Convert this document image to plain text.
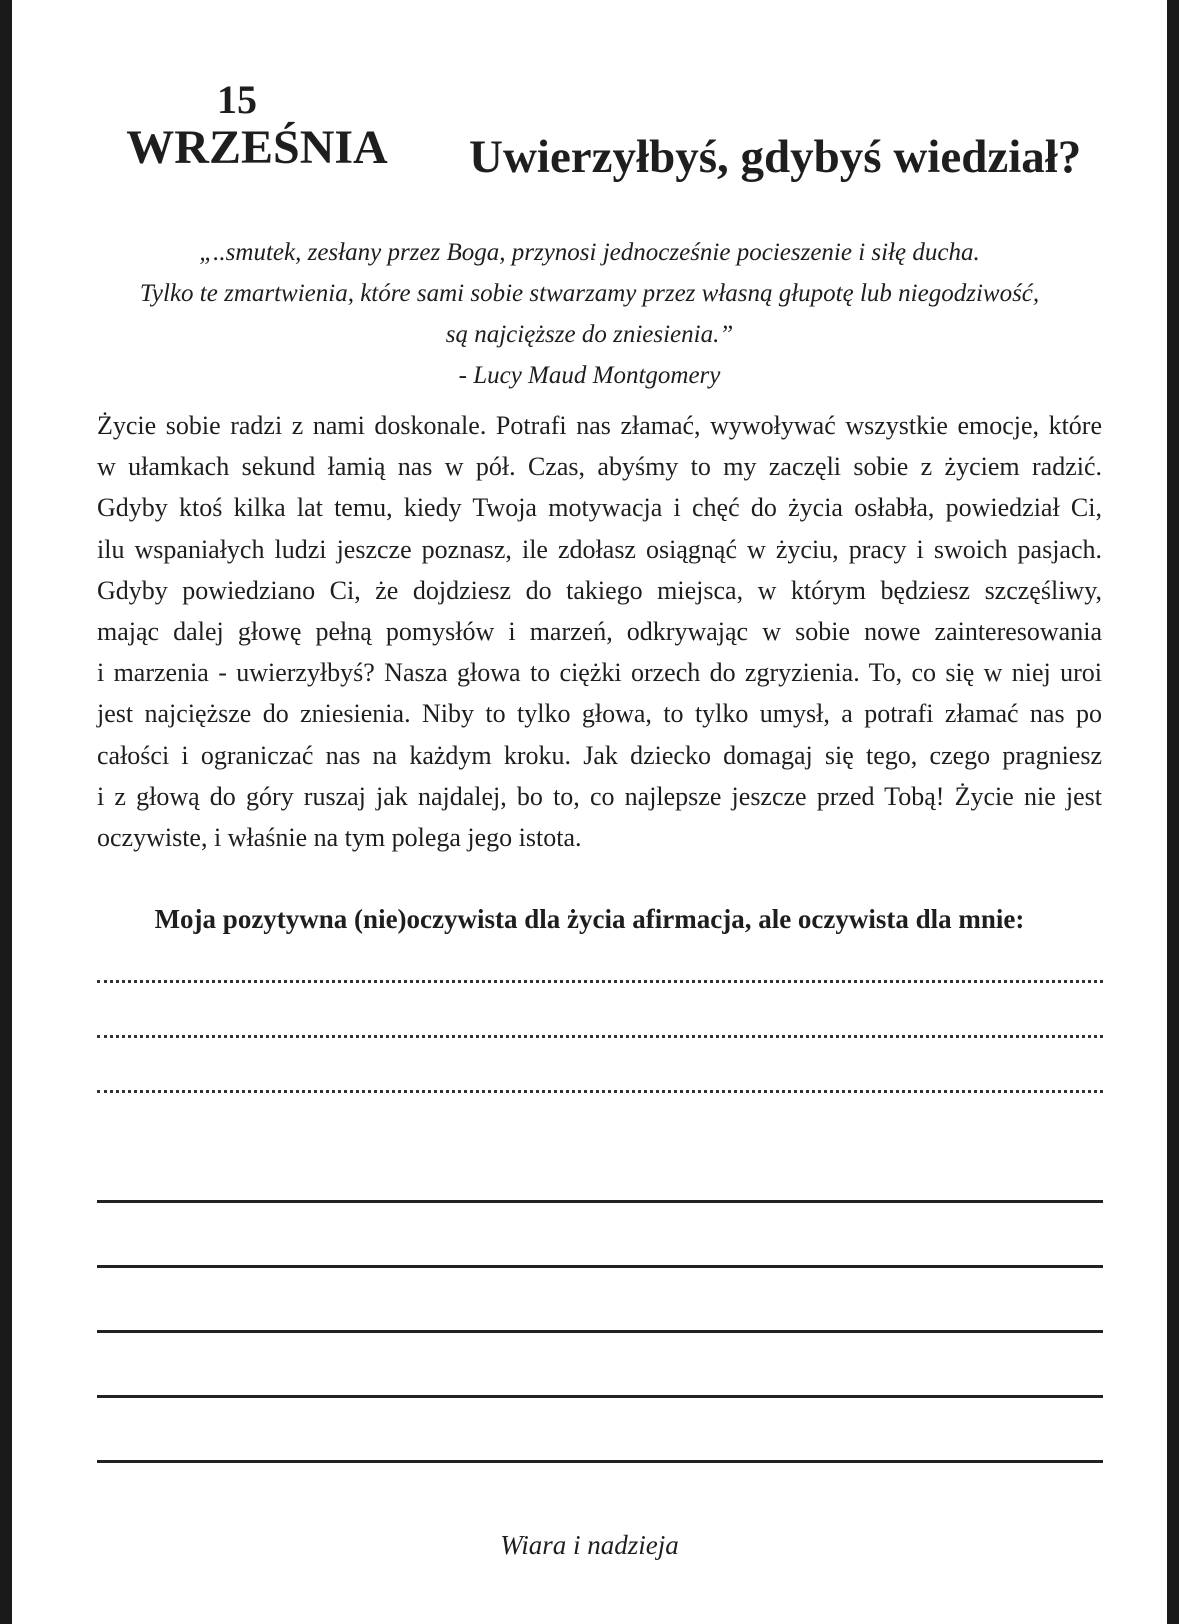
15
WRZEŚNIA Uwierzyłbyś, gdybyś wiedział?
„..smutek, zesłany przez Boga, przynosi jednocześnie pocieszenie i siłę ducha.
Tylko te zmartwienia, które sami sobie stwarzamy przez własną głupotę lub niegodziwość,
są najcięższe do zniesienia.”
- Lucy Maud Montgomery
Życie sobie radzi z nami doskonale. Potrafi nas złamać, wywoływać wszystkie emocje, które
w ułamkach sekund łamią nas w pół. Czas, abyśmy to my zaczęli sobie z życiem radzić.
Gdyby ktoś kilka lat temu, kiedy Twoja motywacja i chęć do życia osłabła, powiedział Ci,
ilu wspaniałych ludzi jeszcze poznasz, ile zdołasz osiągnąć w życiu, pracy i swoich pasjach.
Gdyby powiedziano Ci, że dojdziesz do takiego miejsca, w którym będziesz szczęśliwy,
mając dalej głowę pełną pomysłów i marzeń, odkrywając w sobie nowe zainteresowania
i marzenia - uwierzyłbyś? Nasza głowa to ciężki orzech do zgryzienia. To, co się w niej uroi
jest najcięższe do zniesienia. Niby to tylko głowa, to tylko umysł, a potrafi złamać nas po
całości i ograniczać nas na każdym kroku. Jak dziecko domagaj się tego, czego pragniesz
i z głową do góry ruszaj jak najdalej, bo to, co najlepsze jeszcze przed Tobą! Życie nie jest
oczywiste, i właśnie na tym polega jego istota.

Moja pozytywna (nie)oczywista dla życia afirmacja, ale oczywista dla mnie:

Wiara i nadzieja
